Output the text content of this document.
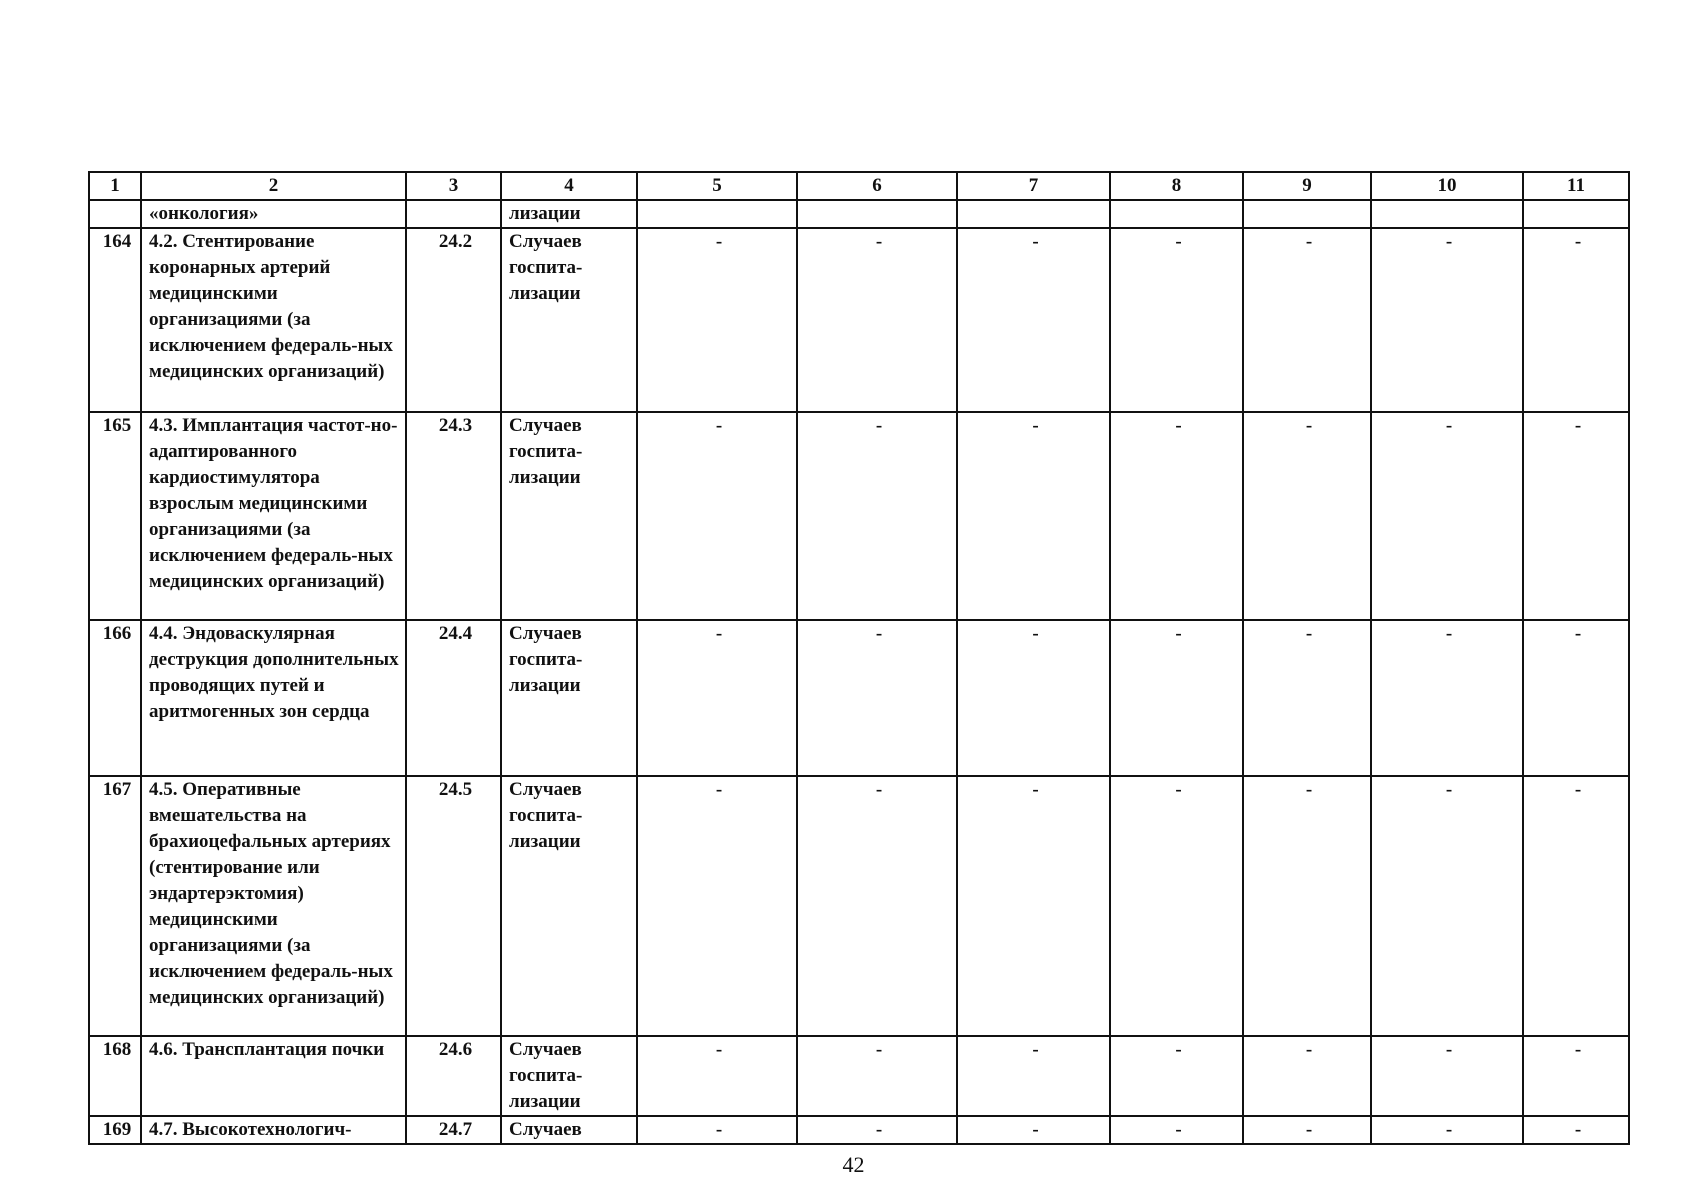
1	2	3	4	5	6	7	8	9	10	11
	«онкология»		лизации							
164	4.2. Стентирование коронарных артерий медицинскими организациями (за исключением федераль-ных медицинских организаций)	24.2	Случаев госпита-лизации	-	-	-	-	-	-	-
165	4.3. Имплантация частот-но-адаптированного кардиостимулятора взрослым медицинскими организациями (за исключением федераль-ных медицинских организаций)	24.3	Случаев госпита-лизации	-	-	-	-	-	-	-
166	4.4. Эндоваскулярная деструкция дополнительных проводящих путей и аритмогенных зон сердца	24.4	Случаев госпита-лизации	-	-	-	-	-	-	-
167	4.5. Оперативные вмешательства на брахиоцефальных артериях (стентирование или эндартерэктомия) медицинскими организациями (за исключением федераль-ных медицинских организаций)	24.5	Случаев госпита-лизации	-	-	-	-	-	-	-
168	4.6. Трансплантация почки	24.6	Случаев госпита-лизации	-	-	-	-	-	-	-
169	4.7. Высокотехнологич-	24.7	Случаев	-	-	-	-	-	-	-
42
